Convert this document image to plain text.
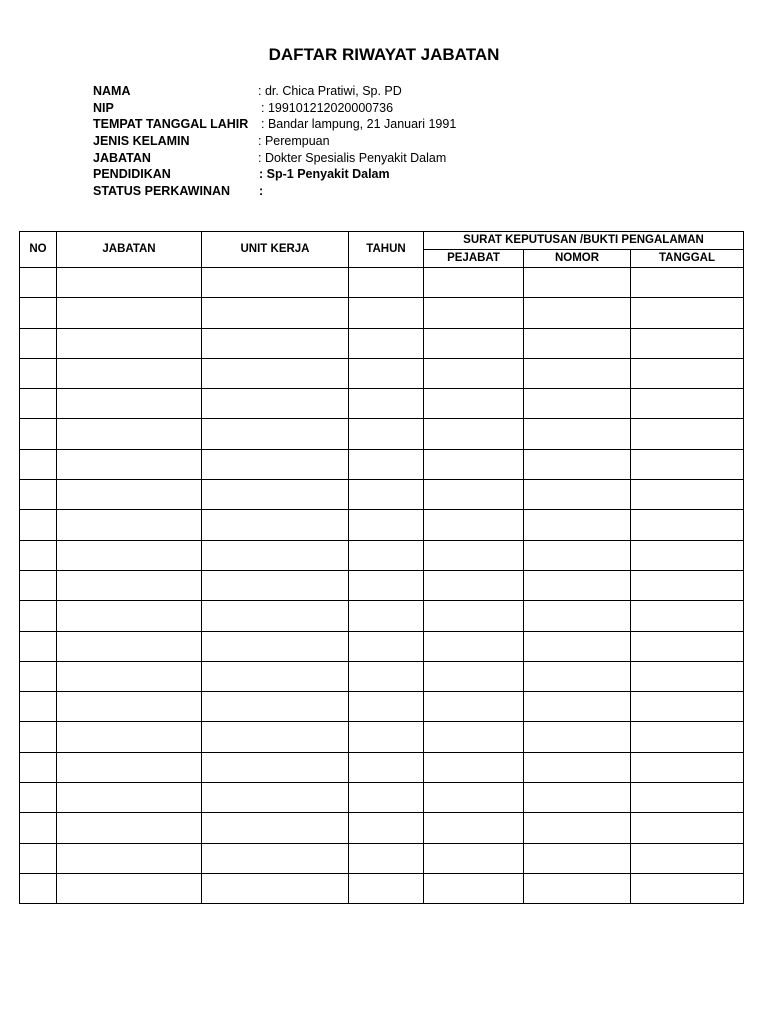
DAFTAR RIWAYAT JABATAN
NAMA	: dr. Chica Pratiwi, Sp. PD
NIP	: 199101212020000736
TEMPAT TANGGAL LAHIR : Bandar lampung, 21 Januari 1991
JENIS KELAMIN	: Perempuan
JABATAN	: Dokter Spesialis Penyakit Dalam
PENDIDIKAN	: Sp-1 Penyakit Dalam
STATUS PERKAWINAN :
NO	JABATAN	UNIT KERJA	TAHUN	SURAT KEPUTUSAN /BUKTI PENGALAMAN		
				PEJABAT	NOMOR	TANGGAL
